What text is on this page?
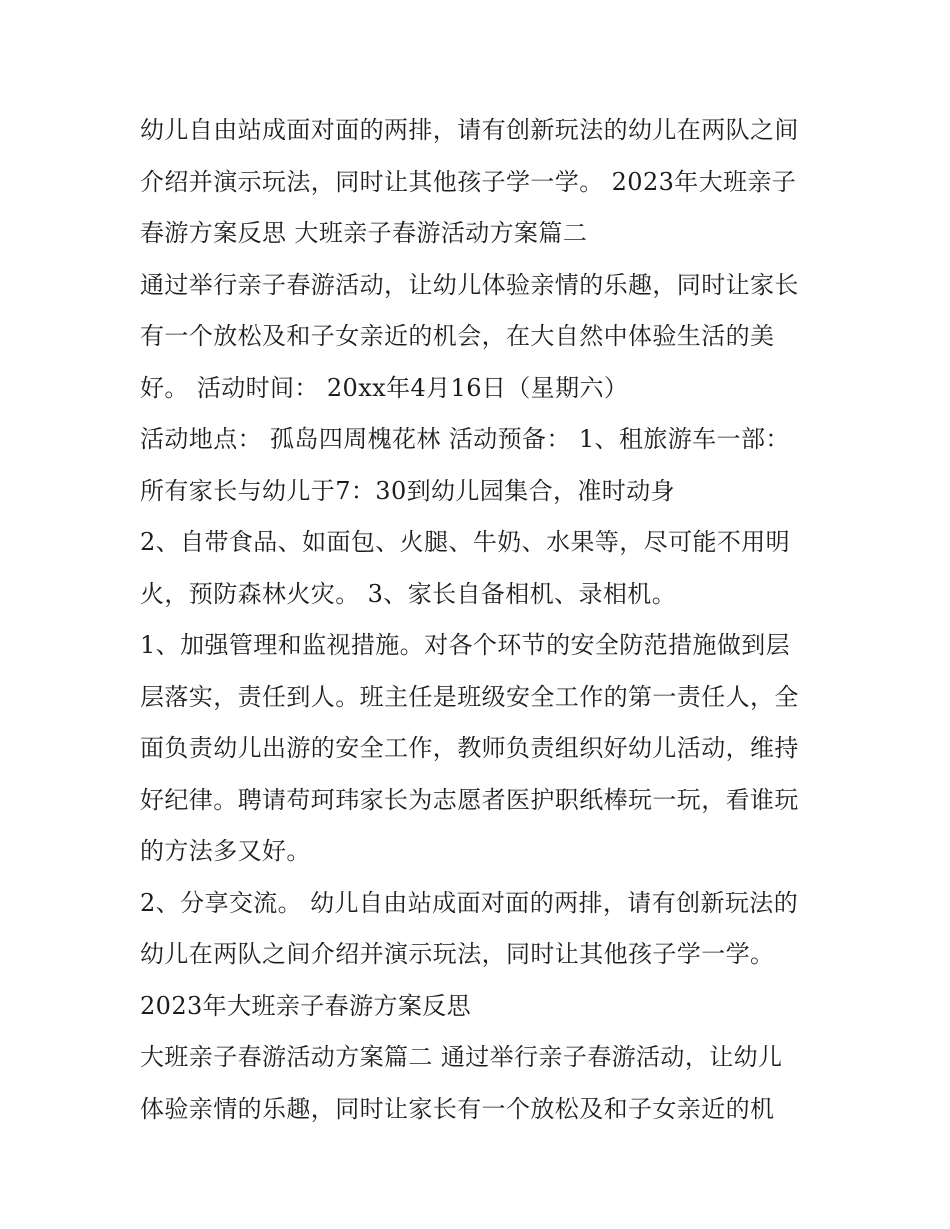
幼儿自由站成面对面的两排，请有创新玩法的幼儿在两队之间
介绍并演示玩法，同时让其他孩子学一学。 2023年大班亲子
春游方案反思 大班亲子春游活动方案篇二
通过举行亲子春游活动，让幼儿体验亲情的乐趣，同时让家长
有一个放松及和子女亲近的机会，在大自然中体验生活的美
好。 活动时间： 20xx年4月16日（星期六）
活动地点： 孤岛四周槐花林 活动预备： 1、租旅游车一部：
所有家长与幼儿于7：30到幼儿园集合，准时动身
2、自带食品、如面包、火腿、牛奶、水果等，尽可能不用明
火，预防森林火灾。 3、家长自备相机、录相机。
1、加强管理和监视措施。对各个环节的安全防范措施做到层
层落实，责任到人。班主任是班级安全工作的第一责任人，全
面负责幼儿出游的安全工作，教师负责组织好幼儿活动，维持
好纪律。聘请苟珂玮家长为志愿者医护职纸棒玩一玩，看谁玩
的方法多又好。
2、分享交流。 幼儿自由站成面对面的两排，请有创新玩法的
幼儿在两队之间介绍并演示玩法，同时让其他孩子学一学。
2023年大班亲子春游方案反思
大班亲子春游活动方案篇二 通过举行亲子春游活动，让幼儿
体验亲情的乐趣，同时让家长有一个放松及和子女亲近的机
